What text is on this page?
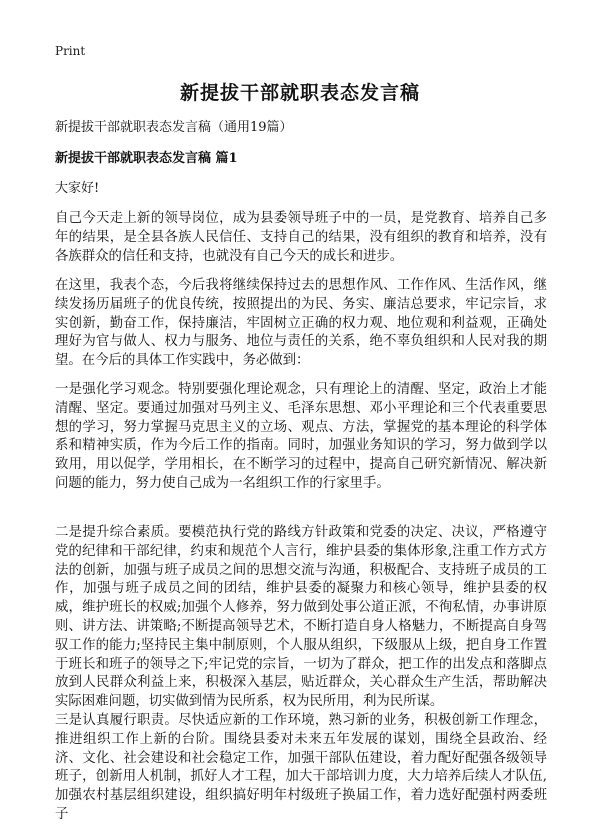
Print
新提拔干部就职表态发言稿

新提拔干部就职表态发言稿（通用19篇）

新提拔干部就职表态发言稿 篇1

大家好!

自己今天走上新的领导岗位，成为县委领导班子中的一员，是党教育、培养自己多年的结果，是全县各族人民信任、支持自己的结果，没有组织的教育和培养，没有各族群众的信任和支持，也就没有自己今天的成长和进步。

在这里，我表个态，今后我将继续保持过去的思想作风、工作作风、生活作风，继续发扬历届班子的优良传统，按照提出的为民、务实、廉洁总要求，牢记宗旨，求实创新，勤奋工作，保持廉洁，牢固树立正确的权力观、地位观和利益观，正确处理好为官与做人、权力与服务、地位与责任的关系，绝不辜负组织和人民对我的期望。在今后的具体工作实践中，务必做到：

一是强化学习观念。特别要强化理论观念，只有理论上的清醒、坚定，政治上才能清醒、坚定。要通过加强对马列主义、毛泽东思想、邓小平理论和三个代表重要思想的学习，努力掌握马克思主义的立场、观点、方法，掌握党的基本理论的科学体系和精神实质，作为今后工作的指南。同时，加强业务知识的学习，努力做到学以致用，用以促学，学用相长，在不断学习的过程中，提高自己研究新情况、解决新问题的能力，努力使自己成为一名组织工作的行家里手。

二是提升综合素质。要模范执行党的路线方针政策和党委的决定、决议，严格遵守党的纪律和干部纪律，约束和规范个人言行，维护县委的集体形象,注重工作方式方法的创新，加强与班子成员之间的思想交流与沟通，积极配合、支持班子成员的工作，加强与班子成员之间的团结，维护县委的凝聚力和核心领导，维护县委的权威，维护班长的权威;加强个人修养，努力做到处事公道正派，不徇私情，办事讲原则、讲方法、讲策略;不断提高领导艺术，不断打造自身人格魅力，不断提高自身驾驭工作的能力;坚持民主集中制原则，个人服从组织，下级服从上级，把自身工作置于班长和班子的领导之下;牢记党的宗旨，一切为了群众，把工作的出发点和落脚点放到人民群众利益上来，积极深入基层，贴近群众，关心群众生产生活，帮助解决实际困难问题，切实做到情为民所系，权为民所用，利为民所谋。

三是认真履行职责。尽快适应新的工作环境，熟习新的业务，积极创新工作理念，推进组织工作上新的台阶。围绕县委对未来五年发展的谋划，围绕全县政治、经济、文化、社会建设和社会稳定工作，加强干部队伍建设，着力配好配强各级领导班子，创新用人机制，抓好人才工程，加大干部培训力度，大力培养后续人才队伍,加强农村基层组织建设，组织搞好明年村级班子换届工作，着力选好配强村两委班子
